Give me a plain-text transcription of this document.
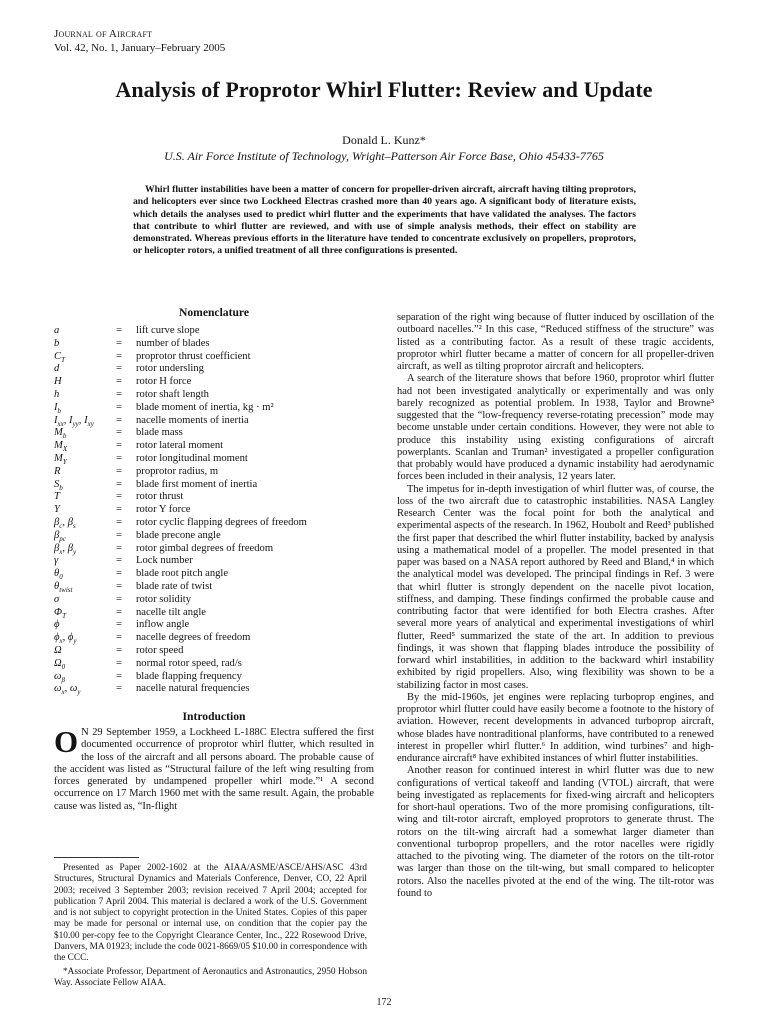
Journal of Aircraft
Vol. 42, No. 1, January–February 2005
Analysis of Proprotor Whirl Flutter: Review and Update
Donald L. Kunz*
U.S. Air Force Institute of Technology, Wright–Patterson Air Force Base, Ohio 45433-7765

Whirl flutter instabilities have been a matter of concern for propeller-driven aircraft, aircraft having tilting proprotors, and helicopters ever since two Lockheed Electras crashed more than 40 years ago. A significant body of literature exists, which details the analyses used to predict whirl flutter and the experiments that have validated the analyses. The factors that contribute to whirl flutter are reviewed, and with use of simple analysis methods, their effect on stability are demonstrated. Whereas previous efforts in the literature have tended to concentrate exclusively on propellers, proprotors, or helicopter rotors, a unified treatment of all three configurations is presented.

Nomenclature
a	=	lift curve slope
b	=	number of blades
$C_T$	=	proprotor thrust coefficient
d	=	rotor undersling
H	=	rotor H force
h	=	rotor shaft length
$I_b$	=	blade moment of inertia, kg · m²
$I_{xx}$, $I_{yy}$, $I_{xy}$	=	nacelle moments of inertia
$M_b$	=	blade mass
$M_X$	=	rotor lateral moment
$M_Y$	=	rotor longitudinal moment
R	=	proprotor radius, m
$S_b$	=	blade first moment of inertia
T	=	rotor thrust
Y	=	rotor Y force
$\beta_c$, $\beta_s$	=	rotor cyclic flapping degrees of freedom
$\beta_{pc}$	=	blade precone angle
$\beta_x$, $\beta_y$	=	rotor gimbal degrees of freedom
γ	=	Lock number
$\theta_0$	=	blade root pitch angle
$\theta_{twist}$	=	blade rate of twist
σ	=	rotor solidity
$\Phi_T$	=	nacelle tilt angle
ϕ	=	inflow angle
$\phi_x$, $\phi_y$	=	nacelle degrees of freedom
Ω	=	rotor speed
$\Omega_0$	=	normal rotor speed, rad/s
$\omega_\beta$	=	blade flapping frequency
$\omega_x$, $\omega_y$	=	nacelle natural frequencies
Introduction

O N 29 September 1959, a Lockheed L-188C Electra suffered the first documented occurrence of proprotor whirl flutter, which resulted in the loss of the aircraft and all persons aboard. The probable cause of the accident was listed as “Structural failure of the left wing resulting from forces generated by undampened propeller whirl mode.”¹ A second occurrence on 17 March 1960 met with the same result. Again, the probable cause was listed as, “In-flight

separation of the right wing because of flutter induced by oscillation of the outboard nacelles.”² In this case, “Reduced stiffness of the structure” was listed as a contributing factor. As a result of these tragic accidents, proprotor whirl flutter became a matter of concern for all propeller-driven aircraft, as well as tilting proprotor aircraft and helicopters.

A search of the literature shows that before 1960, proprotor whirl flutter had not been investigated analytically or experimentally and was only barely recognized as potential problem. In 1938, Taylor and Browne³ suggested that the “low-frequency reverse-rotating precession” mode may become unstable under certain conditions. However, they were not able to produce this instability using existing configurations of aircraft powerplants. Scanlan and Truman² investigated a propeller configuration that probably would have produced a dynamic instability had aerodynamic forces been included in their analysis, 12 years later.

The impetus for in-depth investigation of whirl flutter was, of course, the loss of the two aircraft due to catastrophic instabilities. NASA Langley Research Center was the focal point for both the analytical and experimental aspects of the research. In 1962, Houbolt and Reed³ published the first paper that described the whirl flutter instability, backed by analysis using a mathematical model of a propeller. The model presented in that paper was based on a NASA report authored by Reed and Bland,⁴ in which the analytical model was developed. The principal findings in Ref. 3 were that whirl flutter is strongly dependent on the nacelle pivot location, stiffness, and damping. These findings confirmed the probable cause and contributing factor that were identified for both Electra crashes. After several more years of analytical and experimental investigations of whirl flutter, Reed⁵ summarized the state of the art. In addition to previous findings, it was shown that flapping blades introduce the possibility of forward whirl instabilities, in addition to the backward whirl instability exhibited by rigid propellers. Also, wing flexibility was shown to be a stabilizing factor in most cases.

By the mid-1960s, jet engines were replacing turboprop engines, and proprotor whirl flutter could have easily become a footnote to the history of aviation. However, recent developments in advanced turboprop aircraft, whose blades have nontraditional planforms, have contributed to a renewed interest in propeller whirl flutter.⁶ In addition, wind turbines⁷ and high-endurance aircraft⁸ have exhibited instances of whirl flutter instabilities.

Another reason for continued interest in whirl flutter was due to new configurations of vertical takeoff and landing (VTOL) aircraft, that were being investigated as replacements for fixed-wing aircraft and helicopters for short-haul operations. Two of the more promising configurations, tilt-wing and tilt-rotor aircraft, employed proprotors to generate thrust. The rotors on the tilt-wing aircraft had a somewhat larger diameter than conventional turboprop propellers, and the rotor nacelles were rigidly attached to the pivoting wing. The diameter of the rotors on the tilt-rotor was larger than those on the tilt-wing, but small compared to helicopter rotors. Also the nacelles pivoted at the end of the wing. The tilt-rotor was found to

Presented as Paper 2002-1602 at the AIAA/ASME/ASCE/AHS/ASC 43rd Structures, Structural Dynamics and Materials Conference, Denver, CO, 22 April 2003; received 3 September 2003; revision received 7 April 2004; accepted for publication 7 April 2004. This material is declared a work of the U.S. Government and is not subject to copyright protection in the United States. Copies of this paper may be made for personal or internal use, on condition that the copier pay the $10.00 per-copy fee to the Copyright Clearance Center, Inc., 222 Rosewood Drive, Danvers, MA 01923; include the code 0021-8669/05 $10.00 in correspondence with the CCC.

*Associate Professor, Department of Aeronautics and Astronautics, 2950 Hobson Way. Associate Fellow AIAA.

172
